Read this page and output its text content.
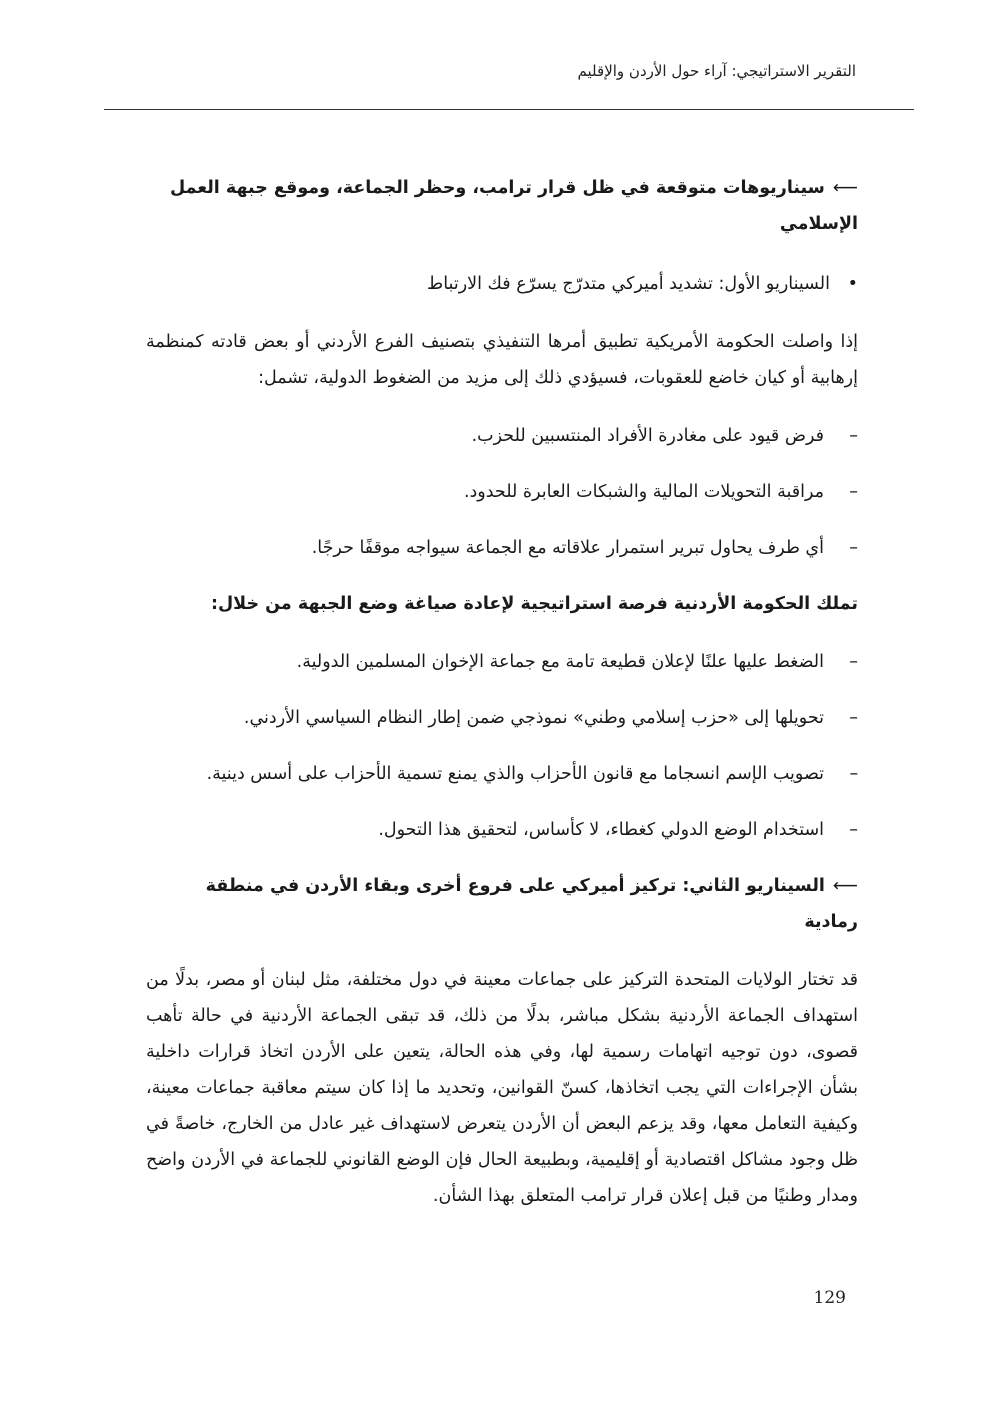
التقرير الاستراتيجي: آراء حول الأردن والإقليم

⟵سيناريوهات متوقعة في ظل قرار ترامب، وحظر الجماعة، وموقع جبهة العمل الإسلامي

•السيناريو الأول: تشديد أميركي متدرّج يسرّع فك الارتباط

إذا واصلت الحكومة الأمريكية تطبيق أمرها التنفيذي بتصنيف الفرع الأردني أو بعض قادته كمنظمة إرهابية أو كيان خاضع للعقوبات، فسيؤدي ذلك إلى مزيد من الضغوط الدولية، تشمل:

–فرض قيود على مغادرة الأفراد المنتسبين للحزب.
–مراقبة التحويلات المالية والشبكات العابرة للحدود.
–أي طرف يحاول تبرير استمرار علاقاته مع الجماعة سيواجه موقفًا حرجًا.

تملك الحكومة الأردنية فرصة استراتيجية لإعادة صياغة وضع الجبهة من خلال:

–الضغط عليها علنًا لإعلان قطيعة تامة مع جماعة الإخوان المسلمين الدولية.
–تحويلها إلى «حزب إسلامي وطني» نموذجي ضمن إطار النظام السياسي الأردني.
–تصويب الإسم انسجاما مع قانون الأحزاب والذي يمنع تسمية الأحزاب على أسس دينية.
–استخدام الوضع الدولي كغطاء، لا كأساس، لتحقيق هذا التحول.

⟵السيناريو الثاني: تركيز أميركي على فروع أخرى وبقاء الأردن في منطقة رمادية

قد تختار الولايات المتحدة التركيز على جماعات معينة في دول مختلفة، مثل لبنان أو مصر، بدلًا من استهداف الجماعة الأردنية بشكل مباشر، بدلًا من ذلك، قد تبقى الجماعة الأردنية في حالة تأهب قصوى، دون توجيه اتهامات رسمية لها، وفي هذه الحالة، يتعين على الأردن اتخاذ قرارات داخلية بشأن الإجراءات التي يجب اتخاذها، كسنّ القوانين، وتحديد ما إذا كان سيتم معاقبة جماعات معينة، وكيفية التعامل معها، وقد يزعم البعض أن الأردن يتعرض لاستهداف غير عادل من الخارج، خاصةً في ظل وجود مشاكل اقتصادية أو إقليمية، وبطبيعة الحال فإن الوضع القانوني للجماعة في الأردن واضح ومدار وطنيًا من قبل إعلان قرار ترامب المتعلق بهذا الشأن.

129
